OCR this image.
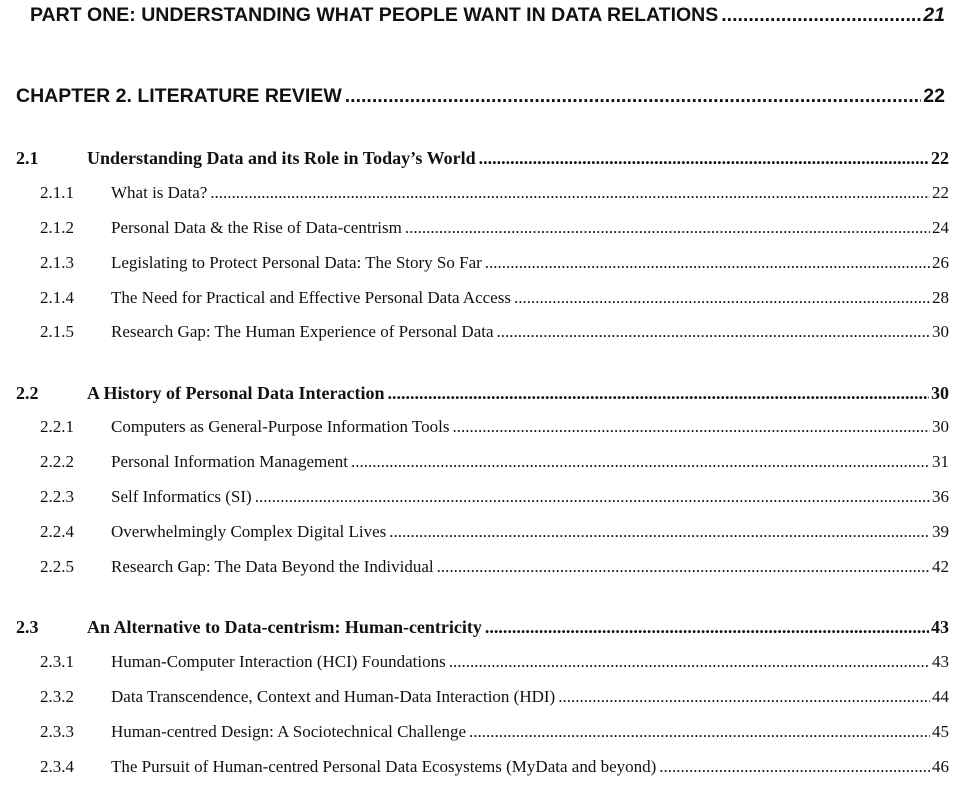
PART ONE: UNDERSTANDING WHAT PEOPLE WANT IN DATA RELATIONS .....	21
CHAPTER 2. LITERATURE REVIEW .....	22
2.1	Understanding Data and its Role in Today’s World .....	22
2.1.1	What is Data? .....	22
2.1.2	Personal Data & the Rise of Data-centrism .....	24
2.1.3	Legislating to Protect Personal Data: The Story So Far .....	26
2.1.4	The Need for Practical and Effective Personal Data Access .....	28
2.1.5	Research Gap: The Human Experience of Personal Data .....	30
2.2	A History of Personal Data Interaction .....	30
2.2.1	Computers as General-Purpose Information Tools .....	30
2.2.2	Personal Information Management .....	31
2.2.3	Self Informatics (SI) .....	36
2.2.4	Overwhelmingly Complex Digital Lives .....	39
2.2.5	Research Gap: The Data Beyond the Individual .....	42
2.3	An Alternative to Data-centrism: Human-centricity .....	43
2.3.1	Human-Computer Interaction (HCI) Foundations .....	43
2.3.2	Data Transcendence, Context and Human-Data Interaction (HDI) .....	44
2.3.3	Human-centred Design: A Sociotechnical Challenge .....	45
2.3.4	The Pursuit of Human-centred Personal Data Ecosystems (MyData and beyond) .....	46
